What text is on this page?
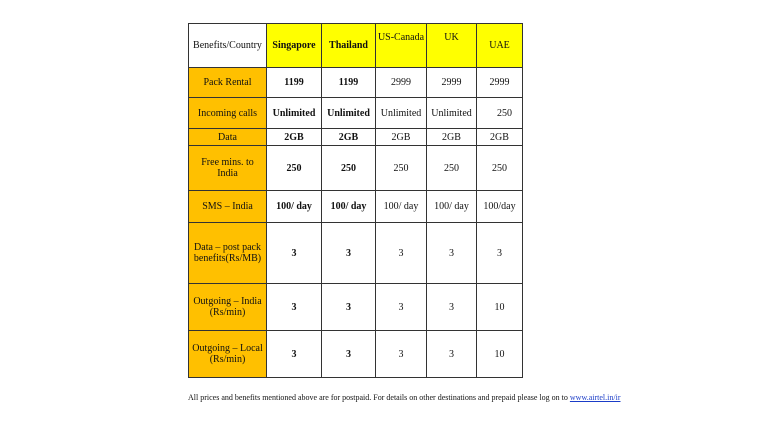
Benefits/Country	Singapore	Thailand	US-Canada	UK	UAE
Pack Rental	1199	1199	2999	2999	2999
Incoming calls	Unlimited	Unlimited	Unlimited	Unlimited	250
Data	2GB	2GB	2GB	2GB	2GB
Free mins. to India	250	250	250	250	250
SMS – India	100/ day	100/ day	100/ day	100/ day	100/day
Data – post pack benefits(Rs/MB)	3	3	3	3	3
Outgoing – India (Rs/min)	3	3	3	3	10
Outgoing – Local (Rs/min)	3	3	3	3	10
All prices and benefits mentioned above are for postpaid. For details on other destinations and prepaid please log on to www.airtel.in/ir
